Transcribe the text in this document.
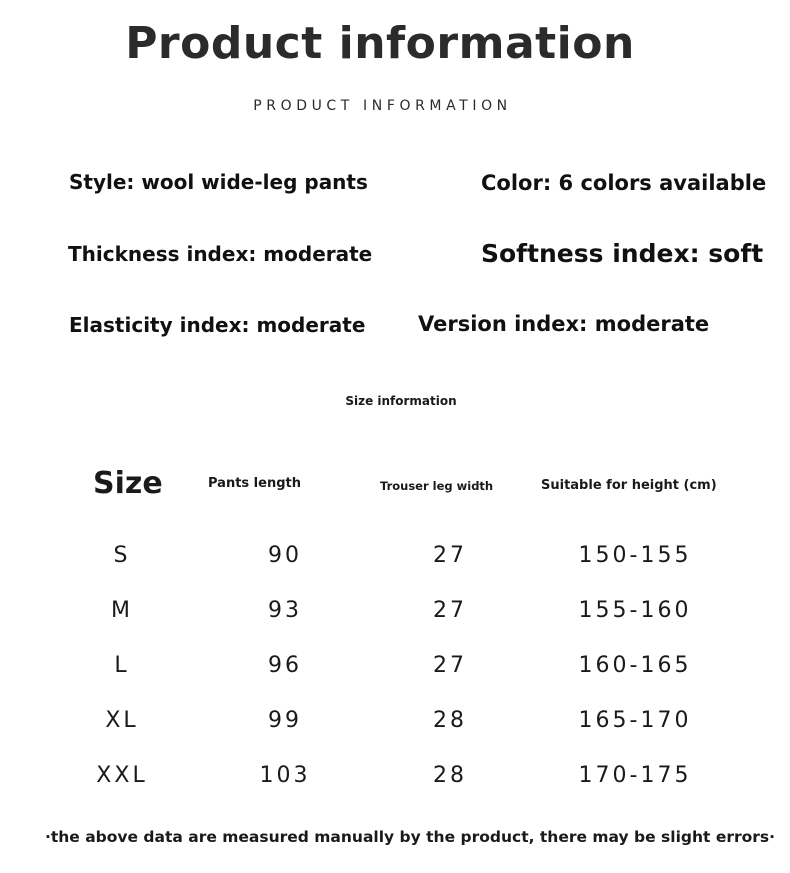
Product information
PRODUCT INFORMATION
Style: wool wide-leg pants	Color: 6 colors available
Thickness index: moderate	Softness index: soft
Elasticity index: moderate	Version index: moderate
Size information
Size	Pants length	Trouser leg width	Suitable for height (cm)
S	90	27	150-155
M	93	27	155-160
L	96	27	160-165
XL	99	28	165-170
XXL	103	28	170-175
·the above data are measured manually by the product, there may be slight errors·
